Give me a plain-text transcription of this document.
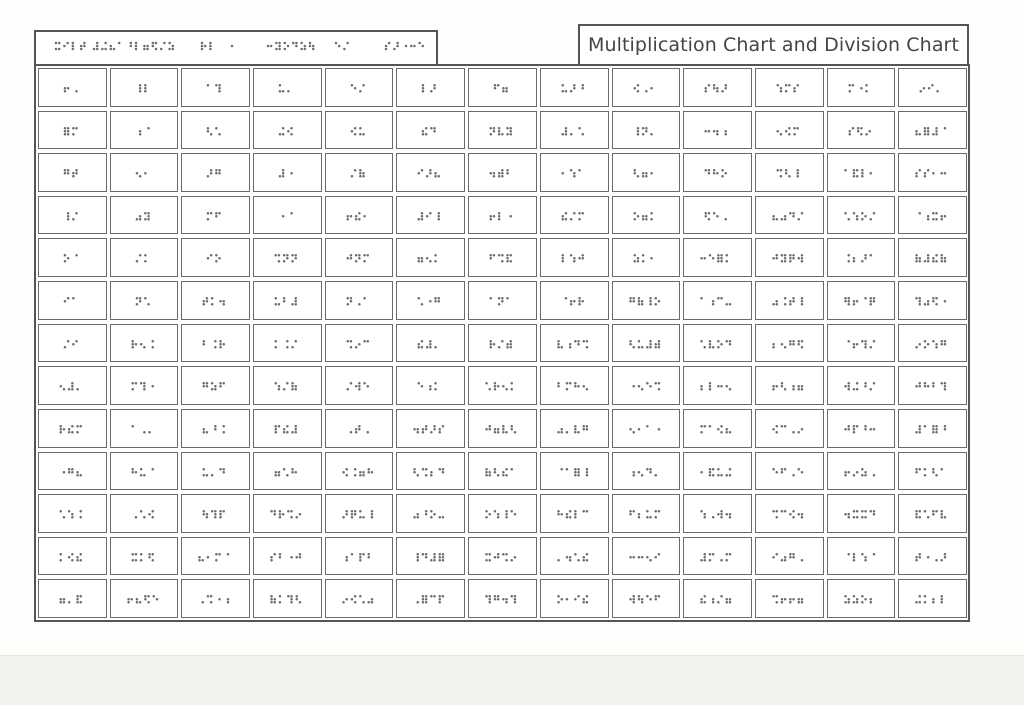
Multiplication Chart and Division Chart
